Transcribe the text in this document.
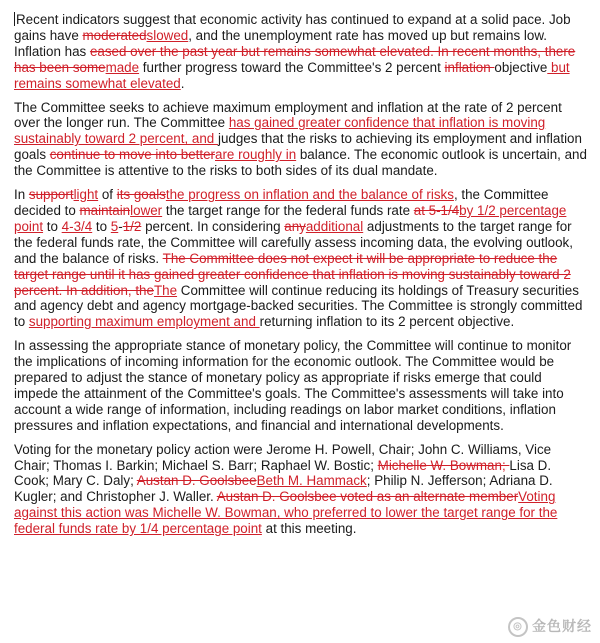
Recent indicators suggest that economic activity has continued to expand at a solid pace. Job gains have moderatedslowed, and the unemployment rate has moved up but remains low. Inflation has eased over the past year but remains somewhat elevated. In recent months, there has been somemade further progress toward the Committee's 2 percent inflation objective but remains somewhat elevated.

The Committee seeks to achieve maximum employment and inflation at the rate of 2 percent over the longer run. The Committee has gained greater confidence that inflation is moving sustainably toward 2 percent, and judges that the risks to achieving its employment and inflation goals continue to move into betterare roughly in balance. The economic outlook is uncertain, and the Committee is attentive to the risks to both sides of its dual mandate.

In supportlight of its goalsthe progress on inflation and the balance of risks, the Committee decided to maintainlower the target range for the federal funds rate at 5-1/4by 1/2 percentage point to 4-3/4 to 5-1/2 percent. In considering anyadditional adjustments to the target range for the federal funds rate, the Committee will carefully assess incoming data, the evolving outlook, and the balance of risks. The Committee does not expect it will be appropriate to reduce the target range until it has gained greater confidence that inflation is moving sustainably toward 2 percent. In addition, theThe Committee will continue reducing its holdings of Treasury securities and agency debt and agency mortgage-backed securities. The Committee is strongly committed to supporting maximum employment and returning inflation to its 2 percent objective.

In assessing the appropriate stance of monetary policy, the Committee will continue to monitor the implications of incoming information for the economic outlook. The Committee would be prepared to adjust the stance of monetary policy as appropriate if risks emerge that could impede the attainment of the Committee's goals. The Committee's assessments will take into account a wide range of information, including readings on labor market conditions, inflation pressures and inflation expectations, and financial and international developments.

Voting for the monetary policy action were Jerome H. Powell, Chair; John C. Williams, Vice Chair; Thomas I. Barkin; Michael S. Barr; Raphael W. Bostic; Michelle W. Bowman; Lisa D. Cook; Mary C. Daly; Austan D. GoolsbeeBeth M. Hammack; Philip N. Jefferson; Adriana D. Kugler; and Christopher J. Waller. Austan D. Goolsbee voted as an alternate memberVoting against this action was Michelle W. Bowman, who preferred to lower the target range for the federal funds rate by 1/4 percentage point at this meeting.

◎ 金色财经
